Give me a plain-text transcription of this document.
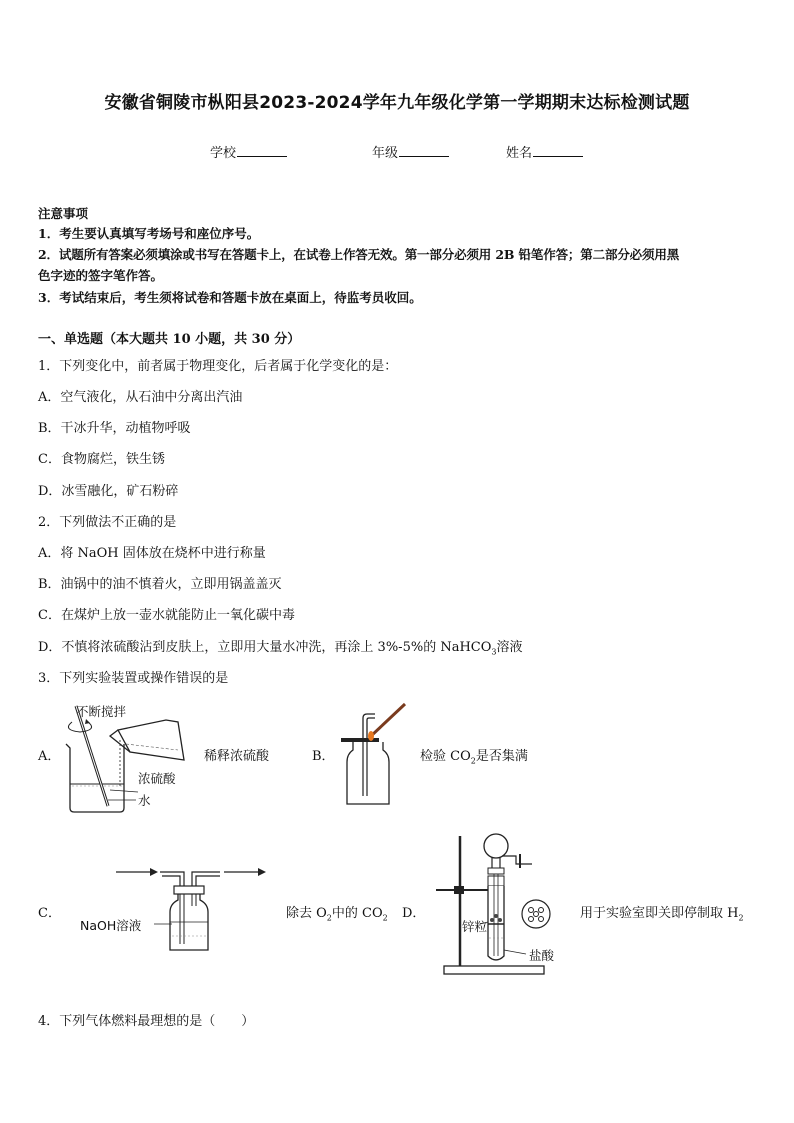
安徽省铜陵市枞阳县2023-2024学年九年级化学第一学期期末达标检测试题
学校	年级	姓名
注意事项
1．考生要认真填写考场号和座位序号。
2．试题所有答案必须填涂或书写在答题卡上，在试卷上作答无效。第一部分必须用 2B 铅笔作答；第二部分必须用黑
色字迹的签字笔作答。
3．考试结束后，考生须将试卷和答题卡放在桌面上，待监考员收回。
一、单选题（本大题共 10 小题，共 30 分）
1．下列变化中，前者属于物理变化，后者属于化学变化的是：
A．空气液化，从石油中分离出汽油
B．干冰升华，动植物呼吸
C．食物腐烂，铁生锈
D．冰雪融化，矿石粉碎
2．下列做法不正确的是
A．将 NaOH 固体放在烧杯中进行称量
B．油锅中的油不慎着火，立即用锅盖盖灭
C．在煤炉上放一壶水就能防止一氧化碳中毒
D．不慎将浓硫酸沾到皮肤上，立即用大量水冲洗，再涂上 3%-5%的 NaHCO$_3$溶液
3．下列实验装置或操作错误的是
A．
不断搅拌
浓硫酸
水
稀释浓硫酸	B．	检验 $CO_2$是否集满
C．
NaOH溶液
除去 $O_2$中的 $CO_2$ D．
锌粒
盐酸
用于实验室即关即停制取 $H_2$
4．下列气体燃料最理想的是（　　）
